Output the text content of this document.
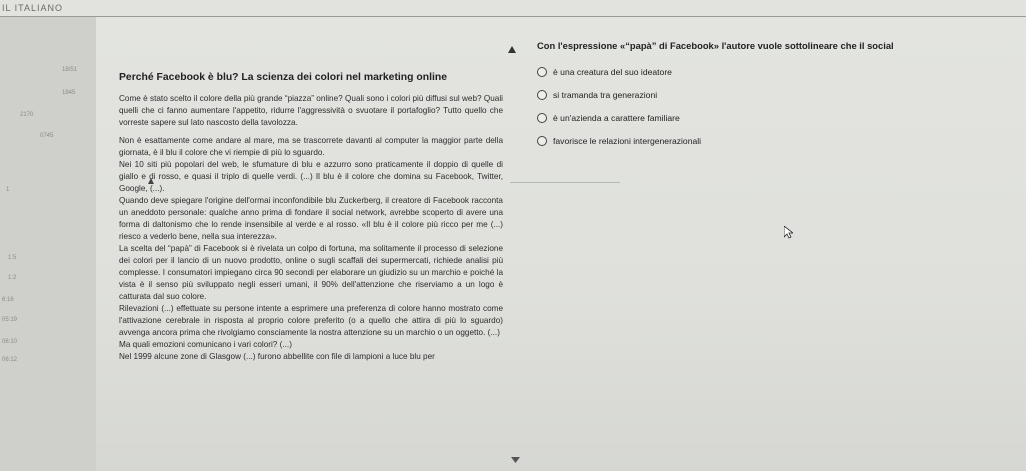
IL ITALIANO
18/51
1845
2170
0745
1
1:5
1:2
6:16
05:19
06:10
06:12

Perché Facebook è blu? La scienza dei colori nel marketing online

Come è stato scelto il colore della più grande “piazza” online? Quali sono i colori più diffusi sul web? Quali quelli che ci fanno aumentare l'appetito, ridurre l'aggressività o svuotare il portafoglio? Tutto quello che vorreste sapere sul lato nascosto della tavolozza.

Non è esattamente come andare al mare, ma se trascorrete davanti al computer la maggior parte della giornata, è il blu il colore che vi riempie di più lo sguardo.

Nei 10 siti più popolari del web, le sfumature di blu e azzurro sono praticamente il doppio di quelle di giallo e di rosso, e quasi il triplo di quelle verdi. (...) Il blu è il colore che domina su Facebook, Twitter, Google, (...).

Quando deve spiegare l'origine dell'ormai inconfondibile blu Zuckerberg, il creatore di Facebook racconta un aneddoto personale: qualche anno prima di fondare il social network, avrebbe scoperto di avere una forma di daltonismo che lo rende insensibile al verde e al rosso. «Il blu è il colore più ricco per me (...) riesco a vederlo bene, nella sua interezza».

La scelta del “papà” di Facebook si è rivelata un colpo di fortuna, ma solitamente il processo di selezione dei colori per il lancio di un nuovo prodotto, online o sugli scaffali dei supermercati, richiede analisi più complesse. I consumatori impiegano circa 90 secondi per elaborare un giudizio su un marchio e poiché la vista è il senso più sviluppato negli esseri umani, il 90% dell'attenzione che riserviamo a un logo è catturata dal suo colore.

Rilevazioni (...) effettuate su persone intente a esprimere una preferenza di colore hanno mostrato come l'attivazione cerebrale in risposta al proprio colore preferito (o a quello che attira di più lo sguardo) avvenga ancora prima che rivolgiamo consciamente la nostra attenzione su un marchio o un oggetto. (...)

Ma quali emozioni comunicano i vari colori? (...)

Nel 1999 alcune zone di Glasgow (...) furono abbellite con file di lampioni a luce blu per

Con l'espressione «“papà” di Facebook» l'autore vuole sottolineare che il social

è una creatura del suo ideatore
si tramanda tra generazioni
è un'azienda a carattere familiare
favorisce le relazioni intergenerazionali
